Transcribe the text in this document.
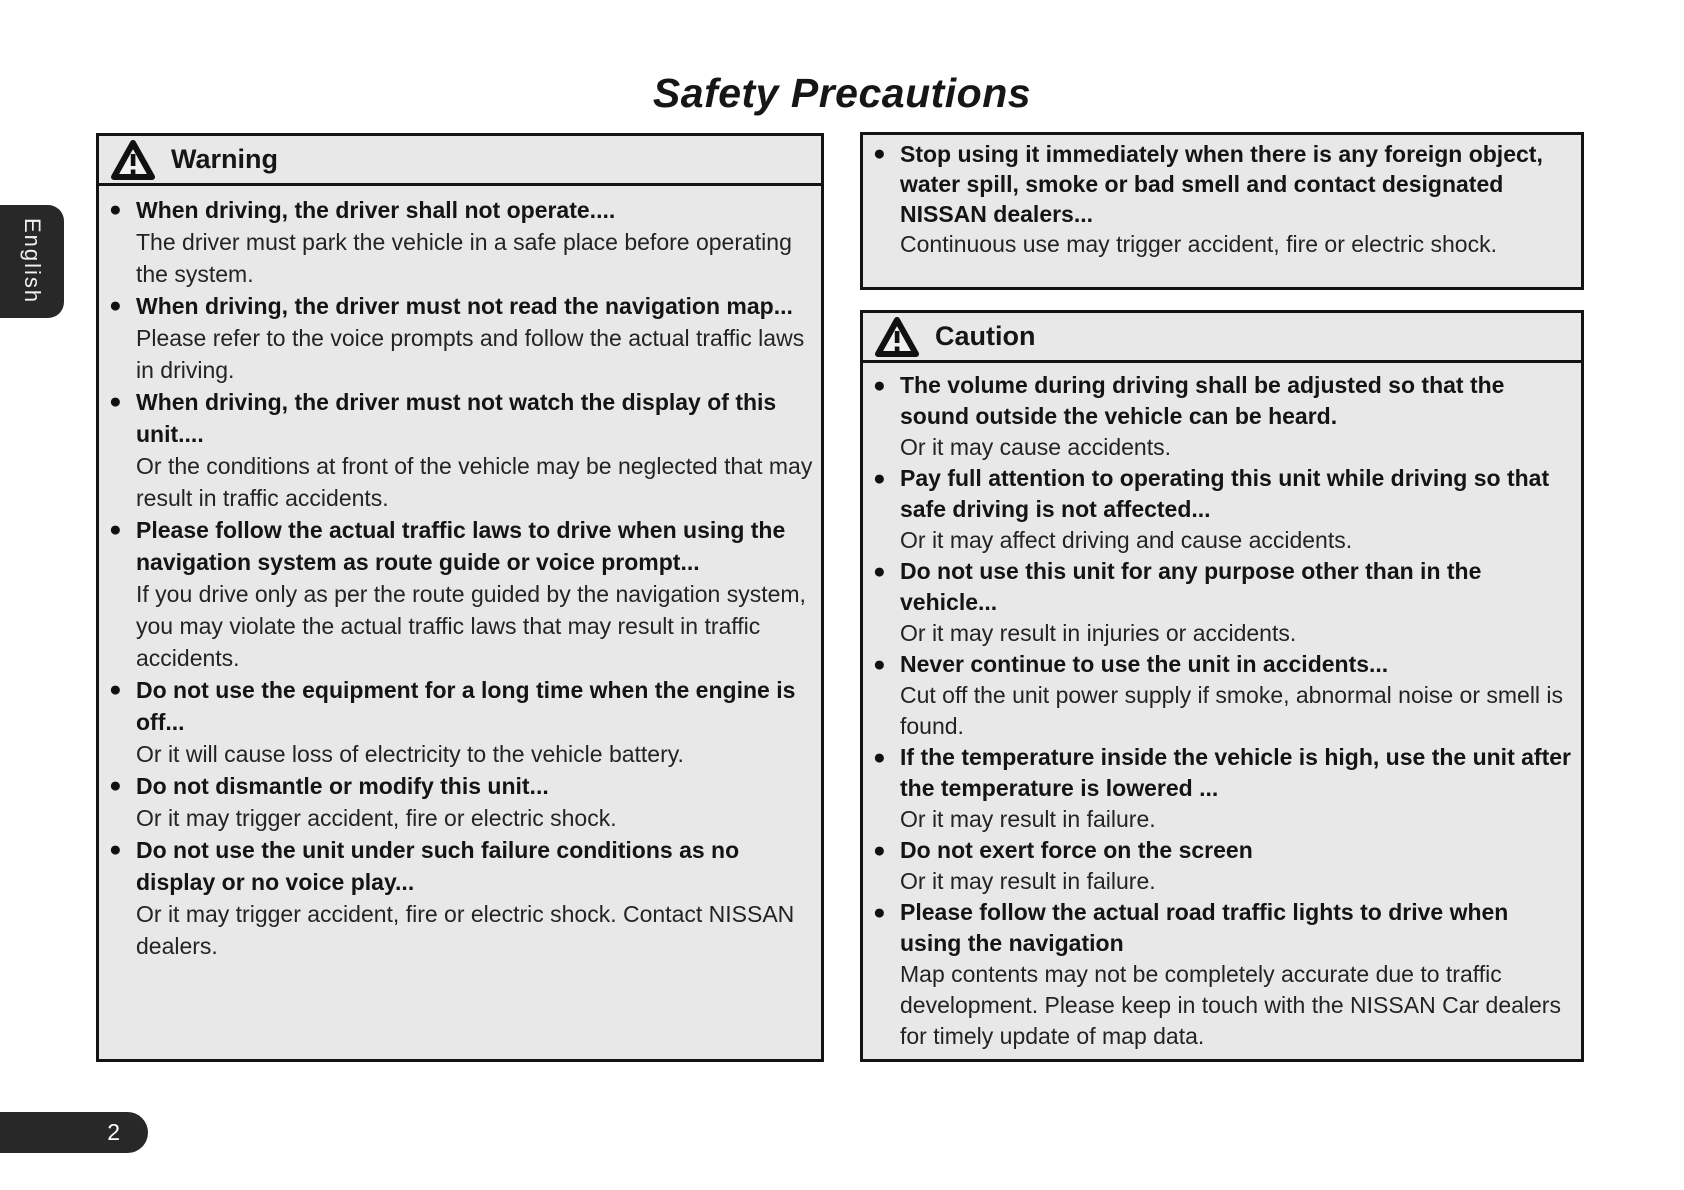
Safety Precautions
English
Warning
● When driving, the driver shall not operate....
The driver must park the vehicle in a safe place before operating the system.
● When driving, the driver must not read the navigation map...
Please refer to the voice prompts and follow the actual traffic laws in driving.
● When driving, the driver must not watch the display of this unit....
Or the conditions at front of the vehicle may be neglected that may result in traffic accidents.
● Please follow the actual traffic laws to drive when using the navigation system as route guide or voice prompt...
If you drive only as per the route guided by the navigation system, you may violate the actual traffic laws that may result in traffic accidents.
● Do not use the equipment for a long time when the engine is off...
Or it will cause loss of electricity to the vehicle battery.
● Do not dismantle or modify this unit...
Or it may trigger accident, fire or electric shock.
● Do not use the unit under such failure conditions as no display or no voice play...
Or it may trigger accident, fire or electric shock. Contact NISSAN dealers.
● Stop using it immediately when there is any foreign object, water spill, smoke or bad smell and contact designated NISSAN dealers...
Continuous use may trigger accident, fire or electric shock.
Caution
● The volume during driving shall be adjusted so that the sound outside the vehicle can be heard.
Or it may cause accidents.
● Pay full attention to operating this unit while driving so that safe driving is not affected...
Or it may affect driving and cause accidents.
● Do not use this unit for any purpose other than in the vehicle...
Or it may result in injuries or accidents.
● Never continue to use the unit in accidents...
Cut off the unit power supply if smoke, abnormal noise or smell is found.
● If the temperature inside the vehicle is high, use the unit after the temperature is lowered ...
Or it may result in failure.
● Do not exert force on the screen
Or it may result in failure.
● Please follow the actual road traffic lights to drive when using the navigation
Map contents may not be completely accurate due to traffic development. Please keep in touch with the NISSAN Car dealers for timely update of map data.
2
